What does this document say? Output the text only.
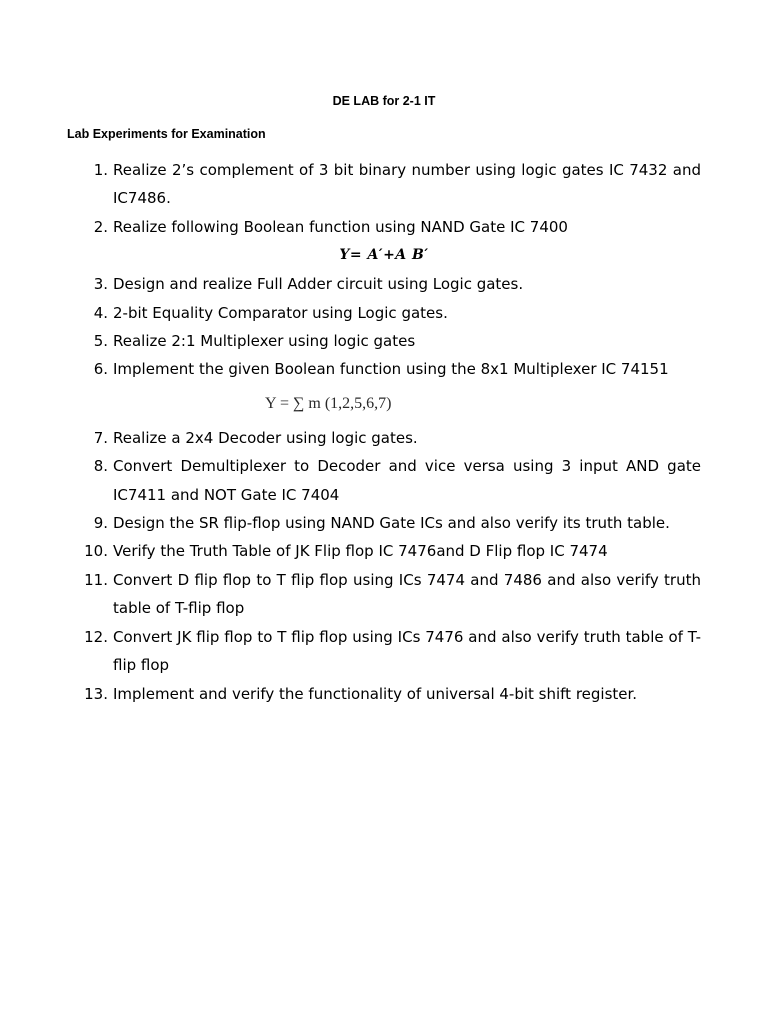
DE LAB for 2-1 IT
Lab Experiments for Examination
1. Realize 2’s complement of 3 bit binary number using logic gates IC 7432 and IC7486.
2. Realize following Boolean function using NAND Gate IC 7400
Y= A′+A B′
3. Design and realize Full Adder circuit using Logic gates.
4. 2-bit Equality Comparator using Logic gates.
5. Realize 2:1 Multiplexer using logic gates
6. Implement the given Boolean function using the 8x1 Multiplexer IC 74151
Y = ∑ m (1,2,5,6,7)
7. Realize a 2x4 Decoder using logic gates.
8. Convert Demultiplexer to Decoder and vice versa using 3 input AND gate IC7411 and NOT Gate IC 7404
9. Design the SR flip-flop using NAND Gate ICs and also verify its truth table.
10. Verify the Truth Table of JK Flip flop IC 7476and D Flip flop IC 7474
11. Convert D flip flop to T flip flop using ICs 7474 and 7486 and also verify truth table of T-flip flop
12. Convert JK flip flop to T flip flop using ICs 7476 and also verify truth table of T-flip flop
13. Implement and verify the functionality of universal 4-bit shift register.
